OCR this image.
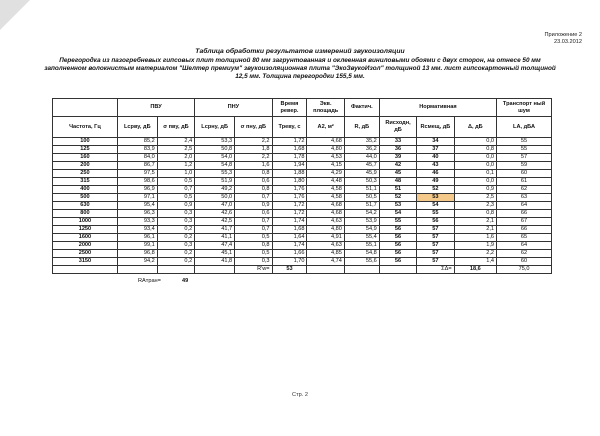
Приложение 2
23.03.2012
Таблица обработки результатов измерений звукоизоляции
Перегородка из пазогребневых гипсовых плит толщиной 80 мм загрунтованная и оклеенная виниловыми обоями с двух сторон, на отнесе 50 мм заполненном волокнистым материалом "Шелтер премиум" звукоизоляционная плита "ЭкоЗвукоИзол" толщиной 13 мм. лист гипсокартонный толщиной 12,5 мм. Толщина перегородки 155,5 мм.
	ПВУ		ПНУ		Время ревер.	Экв. площадь	Фактич.	Нормативная			Транспорт ный шум
Частота, Гц	Lсрву, дБ	σ пву, дБ	Lсрну, дБ	σ пну, дБ	Треву, с	А2, м²	R, дБ	Rисходн, дБ	Rсмещ, дБ	Δ, дБ	LA, дБА
100	85,2	2,4	53,3	2,2	1,72	4,68	35,2	33	34	0,0	55
125	83,9	2,5	50,8	1,8	1,68	4,80	36,2	36	37	0,8	55
160	84,0	2,0	54,0	2,2	1,78	4,53	44,0	39	40	0,0	57
200	86,7	1,2	54,8	1,6	1,94	4,15	45,7	42	43	0,0	59
250	97,5	1,0	55,3	0,8	1,88	4,29	45,9	45	46	0,1	60
315	98,6	0,5	51,9	0,6	1,80	4,48	50,3	48	49	0,0	61
400	96,9	0,7	49,2	0,8	1,76	4,58	51,1	51	52	0,9	62
500	97,1	0,5	50,0	0,7	1,76	4,58	50,5	52	53	2,5	63
630	95,4	0,9	47,0	0,9	1,72	4,68	51,7	53	54	2,3	64
800	96,3	0,3	42,6	0,6	1,72	4,68	54,2	54	55	0,8	66
1000	93,3	0,3	42,5	0,7	1,74	4,63	53,9	55	56	2,1	67
1250	93,4	0,2	41,7	0,7	1,68	4,80	54,9	56	57	2,1	66
1600	96,1	0,2	41,1	0,5	1,64	4,91	55,4	56	57	1,6	65
2000	99,1	0,3	47,4	0,8	1,74	4,63	55,1	56	57	1,9	64
2500	96,8	0,2	45,1	0,5	1,66	4,85	54,8	56	57	2,2	62
3150	94,2	0,2	41,8	0,3	1,70	4,74	55,6	56	57	1,4	60
				R'w=	53				ΣΔ=	18,6	75,0
RAтран=	49
Стр. 2
